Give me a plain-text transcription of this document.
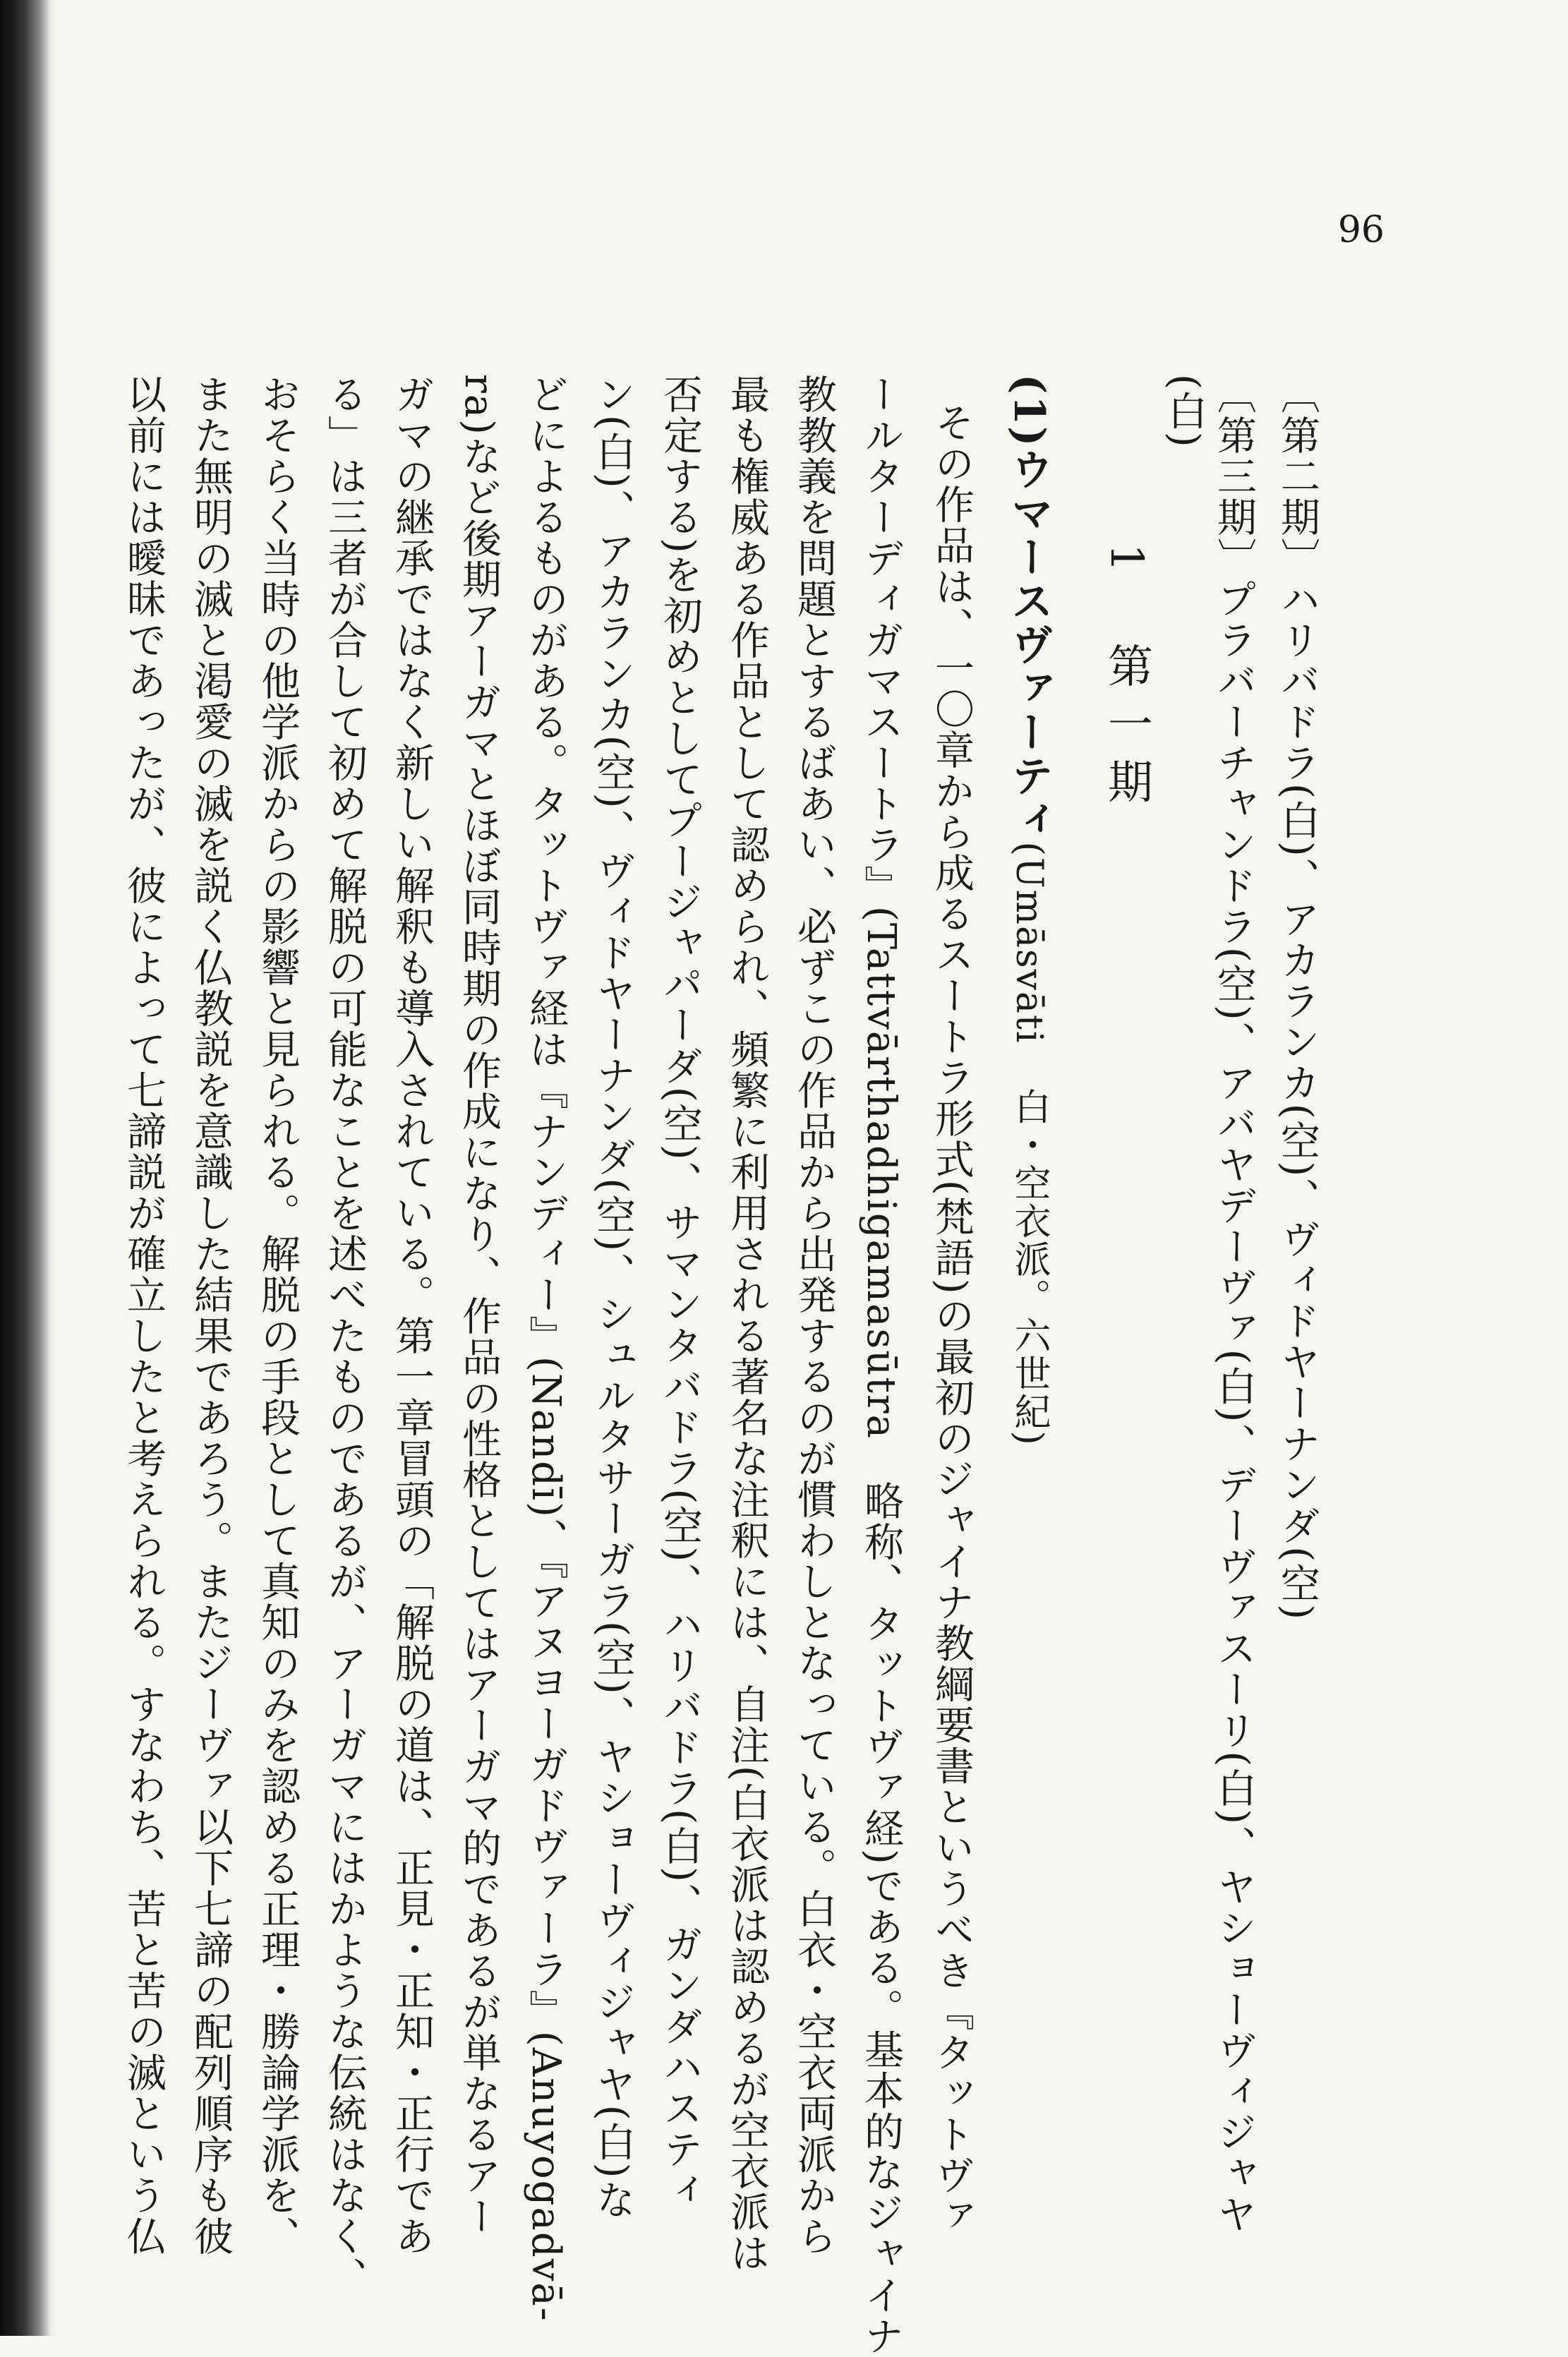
96
〔第二期〕ハリバドラ(白)、アカランカ(空)、ヴィドヤーナンダ(空)
〔第三期〕プラバーチャンドラ(空)、アバヤデーヴァ(白)、デーヴァスーリ(白)、ヤショーヴィジャヤ
(白)
1　第一期
(1)ウマースヴァーティ(Umāsvāti　白・空衣派。六世紀)
その作品は、一〇章から成るスートラ形式(梵語)の最初のジャイナ教綱要書というべき『タットヴァ
ールターディガマスートラ』(Tattvārthadhigamasūtra　略称、タットヴァ経)である。基本的なジャイナ
教教義を問題とするばあい、必ずこの作品から出発するのが慣わしとなっている。白衣・空衣両派から
最も権威ある作品として認められ、頻繁に利用される著名な注釈には、自注(白衣派は認めるが空衣派は
否定する)を初めとしてプージャパーダ(空)、サマンタバドラ(空)、ハリバドラ(白)、ガンダハスティ
ン(白)、アカランカ(空)、ヴィドヤーナンダ(空)、シュルタサーガラ(空)、ヤショーヴィジャヤ(白)な
どによるものがある。タットヴァ経は『ナンディー』(Nandī)、『アヌヨーガドヴァーラ』(Anuyogadvā-
ra)など後期アーガマとほぼ同時期の作成になり、作品の性格としてはアーガマ的であるが単なるアー
ガマの継承ではなく新しい解釈も導入されている。第一章冒頭の「解脱の道は、正見・正知・正行であ
る」は三者が合して初めて解脱の可能なことを述べたものであるが、アーガマにはかような伝統はなく、
おそらく当時の他学派からの影響と見られる。解脱の手段として真知のみを認める正理・勝論学派を、
また無明の滅と渇愛の滅を説く仏教説を意識した結果であろう。またジーヴァ以下七諦の配列順序も彼
以前には曖昧であったが、彼によって七諦説が確立したと考えられる。すなわち、苦と苦の滅という仏
